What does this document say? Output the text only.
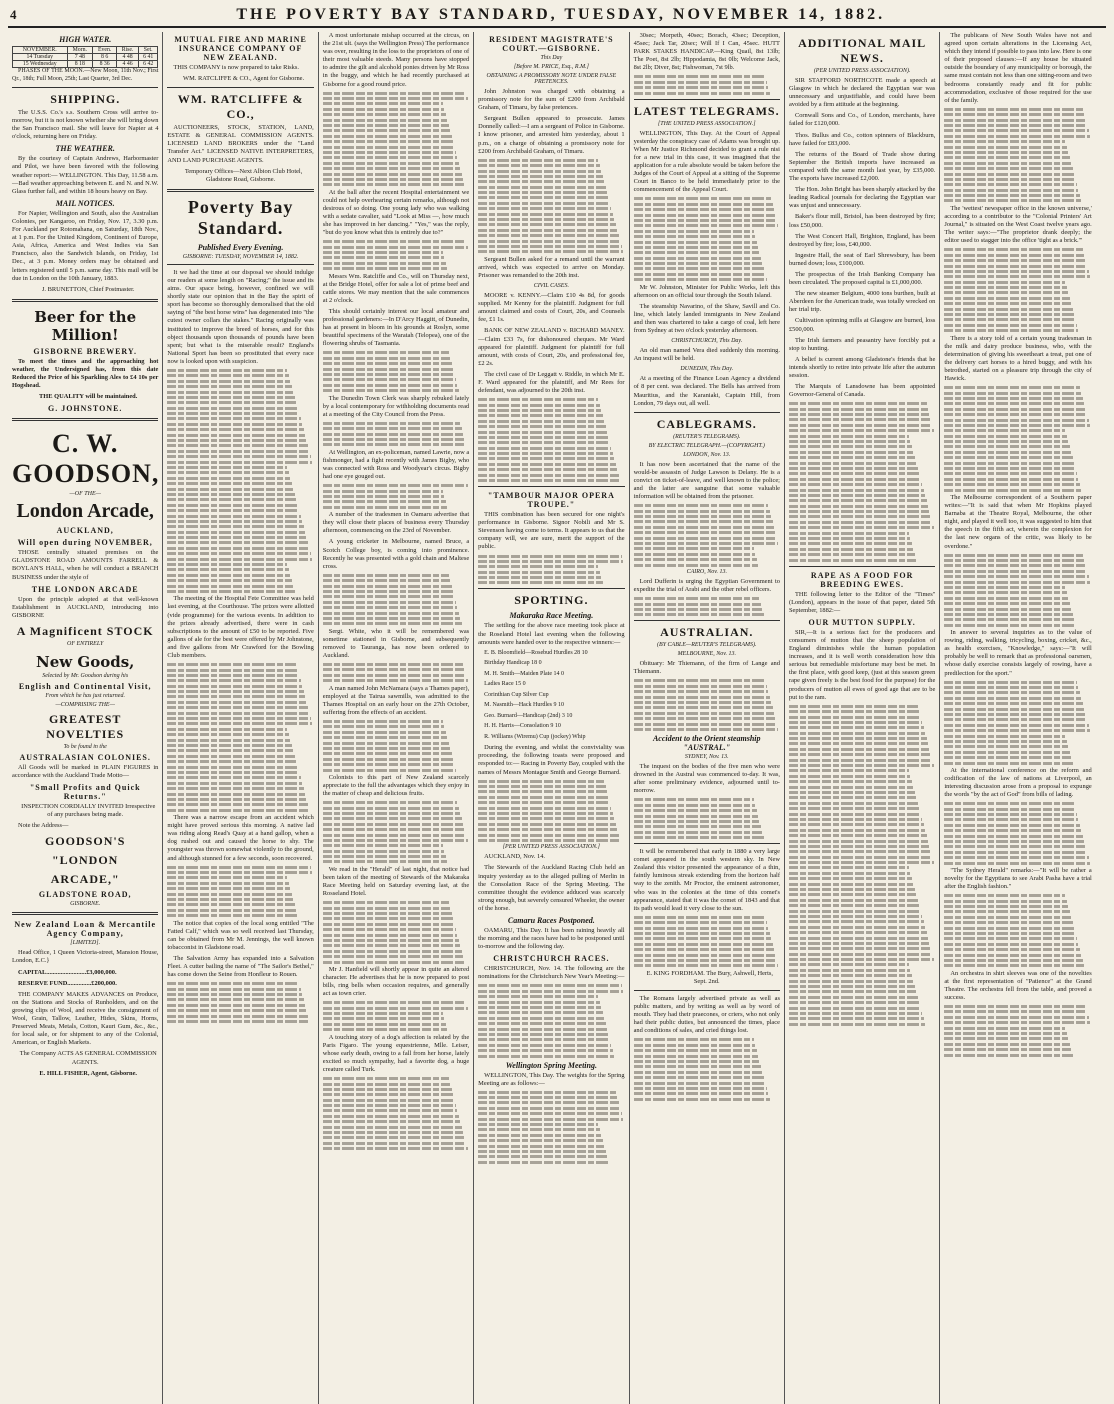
4	THE POVERTY BAY STANDARD, TUESDAY, NOVEMBER 14, 1882.
HIGH WATER.
NOVEMBER.	Morn.	Even.	Rise.	Set.
14 Tuesday	7 48	8 6	4 48	6 41
15 Wednesday	8 18	8 36	4 46	6 42

PHASES OF THE MOON.—New Moon, 11th Nov.; First Qr., 18th; Full Moon, 25th; Last Quarter, 3rd Dec.

SHIPPING.

The U.S.S. Co.'s s.s. Southern Cross will arrive to-morrow, but it is not known whether she will bring down the San Francisco mail. She will leave for Napier at 4 o'clock, returning here on Friday.

THE WEATHER.

By the courtesy of Captain Andrews, Harbormaster and Pilot, we have been favored with the following weather report:— WELLINGTON. This Day, 11.58 a.m.—Bad weather approaching between E. and N. and N.W. Glass further fall, and within 18 hours heavy on Bay.

MAIL NOTICES.

For Napier, Wellington and South, also the Australian Colonies, per Kangaroo, on Friday, Nov. 17, 3.30 p.m. For Auckland per Rotomahana, on Saturday, 18th Nov., at 1 p.m. For the United Kingdom, Continent of Europe, Asia, Africa, America and West Indies via San Francisco, also the Sandwich Islands, on Friday, 1st Dec., at 3 p.m. Money orders may be obtained and letters registered until 5 p.m. same day. This mail will be due in London on the 10th January, 1883.

J. BRUNETTON, Chief Postmaster.

Beer for the Million!
GISBORNE BREWERY.

To meet the times and the approaching hot weather, the Undersigned has, from this date Reduced the Price of his Sparkling Ales to £4 10s per Hogshead.

THE QUALITY will be maintained.

G. JOHNSTONE.
C. W. GOODSON,
—OF THE—
London Arcade,
AUCKLAND,
Will open during NOVEMBER,

THOSE centrally situated premises on the GLADSTONE ROAD AMOUNTS FARRELL & BOYLAN'S HALL, when he will conduct a BRANCH BUSINESS under the style of

THE LONDON ARCADE

Upon the principle adopted at that well-known Establishment in AUCKLAND, introducing into GISBORNE

A Magnificent STOCK
OF ENTIRELY
New Goods,
Selected by Mr. Goodson during his
English and Continental Visit,
From which he has just returned.
—COMPRISING THE—
GREATEST NOVELTIES
To be found in the
AUSTRALASIAN COLONIES.

All Goods will be marked in PLAIN FIGURES in accordance with the Auckland Trade Motto—

"Small Profits and Quick Returns."

INSPECTION CORDIALLY INVITED Irrespective of any purchases being made.

Note the Address—

GOODSON'S
"LONDON
ARCADE,"
GLADSTONE ROAD,
GISBORNE.
New Zealand Loan & Mercantile Agency Company,
[LIMITED].

Head Office, 1 Queen Victoria-street, Mansion House, London, E.C.}

CAPITAL.........................£3,000,000.

RESERVE FUND...............£200,000.

THE COMPANY MAKES ADVANCES on Produce, on the Stations and Stocks of Runholders, and on the growing clips of Wool, and receive the consignment of Wool, Grain, Tallow, Leather, Hides, Skins, Horns, Preserved Meats, Metals, Cotton, Kauri Gum, &c., &c., for local sale, or for shipment to any of the Colonial, American, or English Markets.

The Company ACTS AS GENERAL COMMISSION AGENTS.

E. HILL FISHER, Agent, Gisborne.

MUTUAL FIRE AND MARINE INSURANCE COMPANY OF NEW ZEALAND.

THIS COMPANY is now prepared to take Risks.

WM. RATCLIFFE & CO., Agent for Gisborne.

WM. RATCLIFFE & CO.,

AUCTIONEERS, STOCK, STATION, LAND, ESTATE & GENERAL COMMISSION AGENTS. LICENSED LAND BROKERS under the "Land Transfer Act." LICENSED NATIVE INTERPRETERS, AND LAND PURCHASE AGENTS.

Temporary Offices—Next Albion Club Hotel, Gladstone Road, Gisborne.

Poverty Bay Standard.
Published Every Evening.
GISBORNE: TUESDAY, NOVEMBER 14, 1882.

It we had the time at our disposal we should indulge our readers at some length on "Racing;" the issue and its aims. Our space being, however, confined we will shortly state our opinion that in the Bay the spirit of sport has become so thoroughly demoralised that the old saying of "the best horse wins" has degenerated into "the cutest owner collars the stakes." Racing originally was instituted to improve the breed of horses, and for this object thousands upon thousands of pounds have been spent; but what is the miserable result? England's National Sport has been so prostituted that every race now is looked upon with suspicion.

The meeting of the Hospital Fete Committee was held last evening, at the Courthouse. The prizes were allotted (vide programme) for the various events. In addition to the prizes already advertised, there were in cash subscriptions to the amount of £50 to be reported. Five gallons of ale for the best were offered by Mr Johnstone, and five gallons from Mr Crawford for the Bowling Club members.

There was a narrow escape from an accident which might have proved serious this morning. A native lad was riding along Read's Quay at a hand gallop, when a dog rushed out and caused the horse to shy. The youngster was thrown somewhat violently to the ground, and although stunned for a few seconds, soon recovered.

The notice that copies of the local song entitled "The Fatted Calf," which was so well received last Thursday, can be obtained from Mr M. Jennings, the well known tobacconist in Gladstone road.

The Salvation Army has expanded into a Salvation Fleet. A cutter bailing the name of "The Sailor's Bethel," has come down the Seine from Honfleur to Rouen.

A most unfortunate mishap occurred at the circus, on the 21st ult. (says the Wellington Press) The performance was over, resulting in the loss to the proprietors of one of their most valuable steeds. Many persons have stopped to admire the gilt and alcohold ponies driven by Mr Ross in the buggy, and which he had recently purchased at Gisborne for a good round price.

At the ball after the recent Hospital entertainment we could not help overhearing certain remarks, although not desirous of so doing. One young lady who was walking with a sedate cavalier, said "Look at Miss —, how much she has improved in her dancing." "Yes," was the reply, "but do you know what this is entirely due to?"

Messrs Wm. Ratcliffe and Co., will on Thursday next, at the Bridge Hotel, offer for sale a lot of prime beef and cattle stores. We may mention that the sale commences at 2 o'clock.

This should certainly interest our local amateur and professional gardeners:—In D'Arcy Haggitt, of Dunedin, has at present in bloom in his grounds at Roslyn, some beautiful specimens of the Waratah (Telopea), one of the flowering shrubs of Tasmania.

The Dunedin Town Clerk was sharply rebuked lately by a local contemporary for withholding documents read at a meeting of the City Council from the Press.

At Wellington, an ex-policeman, named Lawrie, now a fishmonger, had a fight recently with James Bigby, who was connected with Ross and Woodyear's circus. Bigby had one eye gouged out.

A number of the tradesmen in Oamaru advertise that they will close their places of business every Thursday afternoon, commencing on the 23rd of November.

A young cricketer in Melbourne, named Bruce, a Scotch College boy, is coming into prominence. Recently he was presented with a gold chain and Maltese cross.

Sergt. White, who it will be remembered was sometime stationed in Gisborne, and subsequently removed to Tauranga, has now been ordered to Auckland.

A man named John McNamara (says a Thames paper), employed at the Tairua sawmills, was admitted to the Thames Hospital on an early hour on the 27th October, suffering from the effects of an accident.

Colonists to this part of New Zealand scarcely appreciate to the full the advantages which they enjoy in the matter of cheap and delicious fruits.

We read in the "Herald" of last night, that notice had been taken of the meeting of Stewards of the Makaraka Race Meeting held on Saturday evening last, at the Rosseland Hotel.

Mr J. Hanfield will shortly appear in quite an altered character. He advertises that he is now prepared to post bills, ring bells when occasion requires, and generally act as town crier.

A touching story of a dog's affection is related by the Paris Figaro. The young equestrienne, Mlle. Leiser, whose early death, owing to a fall from her horse, lately excited so much sympathy, had a favorite dog, a huge creature called Turk.

RESIDENT MAGISTRATE'S COURT.—GISBORNE.
This Day
[Before M. PRICE, Esq., R.M.]
OBTAINING A PROMISSORY NOTE UNDER FALSE PRETENCES.

John Johnston was charged with obtaining a promissory note for the sum of £200 from Archibald Graham, of Timaru, by false pretences.

Sergeant Bullen appeared to prosecute. James Donnelly called:—I am a sergeant of Police in Gisborne. I know prisoner, and arrested him yesterday, about 1 p.m., on a charge of obtaining a promissory note for £200 from Archibald Graham, of Timaru.

Sergeant Bullen asked for a remand until the warrant arrived, which was expected to arrive on Monday. Prisoner was remanded to the 20th inst.

CIVIL CASES.

MOORE v. KENNY.—Claim £10 4s 8d, for goods supplied. Mr Kenny for the plaintiff. Judgment for full amount claimed and costs of Court, 20s, and Counsels fee, £1 1s.

BANK OF NEW ZEALAND v. RICHARD MANEY.—Claim £33 7s, for dishonoured cheques. Mr Ward appeared for plaintiff. Judgment for plaintiff for full amount, with costs of Court, 20s, and professional fee, £2 2s.

The civil case of Dr Leggatt v. Riddle, in which Mr E. F. Ward appeared for the plaintiff, and Mr Rees for defendant, was adjourned to the 20th inst.

"TAMBOUR MAJOR OPERA TROUPE."

THIS combination has been secured for one night's performance in Gisborne. Signor Nobili and Mr S. Stevenson having come to terms. It appears to us that the company will, we are sure, merit the support of the public.

SPORTING.
Makaraka Race Meeting.

The settling for the above race meeting took place at the Roseland Hotel last evening when the following amounts were handed over to the respective winners:—

E. B. Bloomfield—Rosebud Hurdles 28 10

Birthday Handicap 18 0

M. H. Smith—Maiden Plate 14 0

Ladies Race 15 0

Corinthian Cup Silver Cup

M. Nasmith—Hack Hurdles 9 10

Geo. Burnard—Handicap (2nd) 3 10

H. H. Harris—Consolation 9 10

R. Williams (Wiremu) Cup (jockey) Whip

During the evening, and whilst the conviviality was proceeding, the following toasts were proposed and responded to:— Racing in Poverty Bay, coupled with the names of Messrs Montague Smith and George Burnard.

[PER UNITED PRESS ASSOCIATION.]

AUCKLAND, Nov. 14.

The Stewards of the Auckland Racing Club held an inquiry yesterday as to the alleged pulling of Merlin in the Consolation Race of the Spring Meeting. The committee thought the evidence adduced was scarcely strong enough, but severely censured Wheeler, the owner of the horse.

Camaru Races Postponed.

OAMARU, This Day. It has been raining heavily all the morning and the races have had to be postponed until to-morrow and the following day.

CHRISTCHURCH RACES.

CHRISTCHURCH, Nov. 14. The following are the nominations for the Christchurch New Year's Meeting:—

Wellington Spring Meeting.

WELLINGTON, This Day. The weights for the Spring Meeting are as follows:—

30sec; Morpeth, 40sec; Borach, 43sec; Deception, 45sec; Jack Tar, 20sec; Will If I Can, 45sec. HUTT PARK STAKES HANDICAP.—King Quail, 8st 13lb; The Poet, 8st 2lb; Hippodamia, 8st 0lb; Welcome Jack, 8st 2lb; Diver, 8st; Fishwoman, 7st 9lb.

LATEST TELEGRAMS.
[THE UNITED PRESS ASSOCIATION.]

WELLINGTON, This Day. At the Court of Appeal yesterday the conspiracy case of Adams was brought up. When Mr Justice Richmond decided to grant a rule nisi for a new trial in this case, it was imagined that the application for a rule absolute would be taken before the Judges of the Court of Appeal at a sitting of the Supreme Court in Banco to be held immediately prior to the commencement of the Appeal Court.

Mr W. Johnston, Minister for Public Works, left this afternoon on an official tour through the South Island.

The steamship Navarino, of the Shaw, Savill and Co. line, which lately landed immigrants in New Zealand and then was chartered to take a cargo of coal, left here from Sydney at two o'clock yesterday afternoon.

CHRISTCHURCH, This Day.

An old man named Vera died suddenly this morning. An inquest will be held.

DUNEDIN, This Day.

At a meeting of the Finance Loan Agency a dividend of 8 per cent. was declared. The Bells has arrived from Mauritius, and the Karaniaki, Captain Hill, from London, 79 days out, all well.

CABLEGRAMS.
(REUTER'S TELEGRAMS).
BY ELECTRIC TELEGRAPH.—(COPYRIGHT.)
LONDON, Nov. 13.

It has now been ascertained that the name of the would-be assassin of Judge Lawson is Delany. He is a convict on ticket-of-leave, and well known to the police; and the latter are sanguine that some valuable information will be obtained from the prisoner.

CAIRO, Nov. 13.

Lord Dufferin is urging the Egyptian Government to expedite the trial of Arabi and the other rebel officers.

AUSTRALIAN.
(BY CABLE—REUTER'S TELEGRAMS).
MELBOURNE, Nov. 13.

Obituary: Mr Thiemann, of the firm of Lange and Thiemann.

Accident to the Orient steamship "AUSTRAL."
SYDNEY, Nov. 13.

The inquest on the bodies of the five men who were drowned in the Austral was commenced to-day. It was, after some preliminary evidence, adjourned until to-morrow.

It will be remembered that early in 1880 a very large comet appeared in the south western sky. In New Zealand this visitor presented the appearance of a thin, faintly luminous streak extending from the horizon half way to the zenith. Mr Proctor, the eminent astronomer, who was in the colonies at the time of this comet's appearance, stated that it was the comet of 1843 and that its path would lead it very close to the sun.

E. KING FORDHAM. The Bury, Ashwell, Herts, Sept. 2nd.

The Romans largely advertised private as well as public matters, and by writing as well as by word of mouth. They had their praecones, or criers, who not only had their public duties, but announced the times, place and conditions of sales, and cried things lost.

ADDITIONAL MAIL NEWS.
(PER UNITED PRESS ASSOCIATION).

SIR STAFFORD NORTHCOTE made a speech at Glasgow in which he declared the Egyptian war was unnecessary and unjustifiable, and could have been avoided by a firm attitude at the beginning.

Cornwall Sons and Co., of London, merchants, have failed for £120,000.

Thos. Bullus and Co., cotton spinners of Blackburn, have failed for £83,000.

The returns of the Board of Trade show during September the British imports have increased as compared with the same month last year, by £35,000. The exports have increased £2,000.

The Hon. John Bright has been sharply attacked by the leading Radical journals for declaring the Egyptian war was unjust and unnecessary.

Baker's flour mill, Bristol, has been destroyed by fire; loss £50,000.

The West Concert Hall, Brighton, England, has been destroyed by fire; loss, £40,000.

Ingestre Hall, the seat of Earl Shrewsbury, has been burned down; loss, £100,000.

The prospectus of the Irish Banking Company has been circulated. The proposed capital is £1,000,000.

The new steamer Belgium, 4000 tons burthen, built at Aberdeen for the American trade, was totally wrecked on her trial trip.

Cultivation spinning mills at Glasgow are burned, loss £500,000.

The Irish farmers and peasantry have forcibly put a stop to hunting.

A belief is current among Gladstone's friends that he intends shortly to retire into private life after the autumn session.

The Marquis of Lansdowne has been appointed Governor-General of Canada.

RAPE AS A FOOD FOR BREEDING EWES.

THE following letter to the Editor of the "Times" (London), appears in the issue of that paper, dated 5th September, 1882:—

OUR MUTTON SUPPLY.

SIR,—It is a serious fact for the producers and consumers of mutton that the sheep population of England diminishes while the human population increases, and it is well worth consideration how this serious but remediable misfortune may best be met. In the first place, with good keep, (just at this season green rape given freely is the best food for the purpose) for the producers of mutton all ewes of good age that are to be put to the ram.

The publicans of New South Wales have not and agreed upon certain alterations in the Licensing Act, which they intend if possible to pass into law. Here is one of their proposed clauses:—If any house be situated outside the boundary of any municipality or borough, the same must contain not less than one sitting-room and two bedrooms constantly ready and fit for public accommodation, exclusive of those required for the use of the family.

The 'wettest' newspaper office in the known universe,' according to a contributor to the "Colonial Printers' Art Journal," is situated on the West Coast twelve years ago. The writer says:—"The proprietor drank deeply; the editor used to stagger into the office 'tight as a brick.'"

There is a story told of a certain young tradesman in the milk and dairy produce business, who, with the determination of giving his sweetheart a treat, put one of the delivery cart horses to a hired buggy, and with his betrothed, started on a pleasure trip through the city of Hawick.

The Melbourne correspondent of a Southern paper writes:—"It is said that when Mr Hopkins played Barnaba at the Theatre Royal, Melbourne, the other night, and played it well too, it was suggested to him that the speech in the fifth act, wherein the complexion for the last new organs of the critic, was likely to be overdone."

In answer to several inquiries as to the value of rowing, riding, walking, tricycling, boxing, cricket, &c., as health exercises, "Knowledge," says:—"It will probably be well to remark that as professional oarsmen, whose daily exercise consists largely of rowing, have a predilection for the sport."

At the international conference on the reform and codification of the law of nations at Liverpool, an interesting discussion arose from a proposal to expunge the words "by the act of God" from bills of lading.

"The Sydney Herald" remarks:—"It will be rather a novelty for the Egyptians to see Arabi Pasha have a trial after the English fashion."

An orchestra in shirt sleeves was one of the novelties at the first representation of "Patience" at the Grand Theatre. The orchestra fell from the table, and proved a success.
